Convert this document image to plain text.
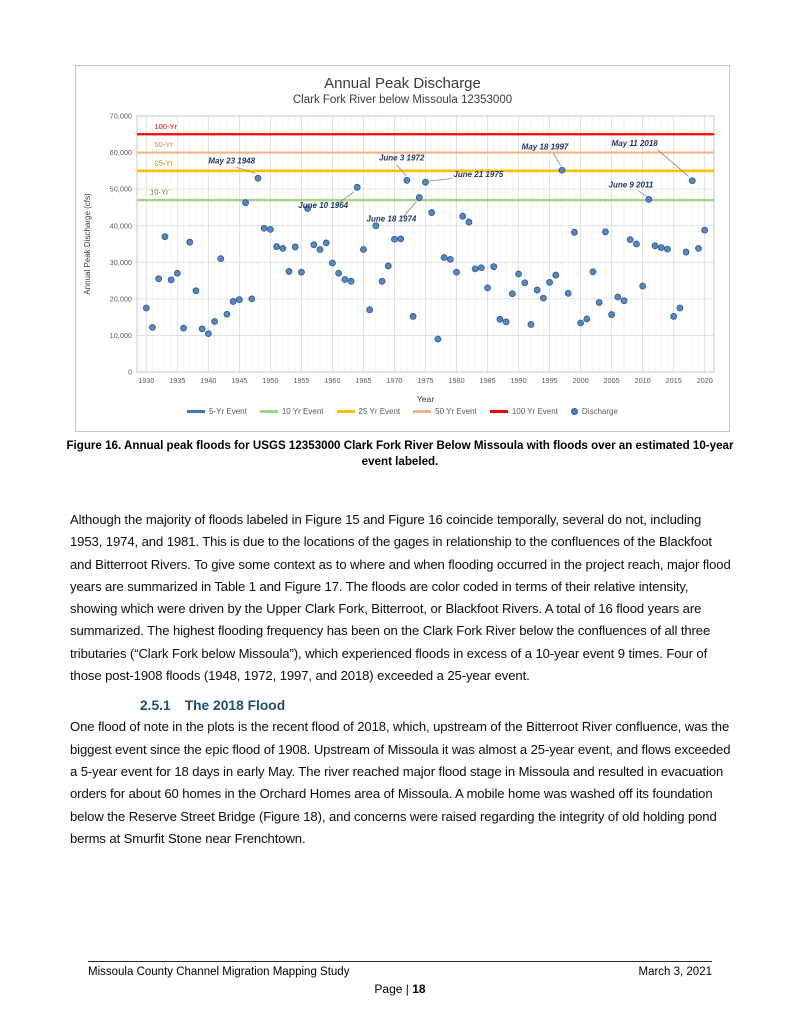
Annual Peak Discharge
Clark Fork River below Missoula 12353000
100-Yr
50-Yr
25-Yr
10-Yr
May 23 1948
June 10 1964
June 18 1974
June 3 1972
June 21 1975
May 18 1997
June 9 2011
May 11 2018
1930 1935 1940 1945 1950 1955 1960 1965 1970 1975 1980 1985 1990 1995 2000 2005 2010 2015 2020
0
10,000
20,000
30,000
40,000
50,000
60,000
70,000
Year
Annual Peak Discharge (cfs)
5-Yr Event	10 Yr Event	25 Yr Event	50 Yr Event	100 Yr Event	Discharge
Figure 16. Annual peak floods for USGS 12353000 Clark Fork River Below Missoula with floods over an estimated 10-year event labeled.

Although the majority of floods labeled in Figure 15 and Figure 16 coincide temporally, several do not, including 1953, 1974, and 1981. This is due to the locations of the gages in relationship to the confluences of the Blackfoot and Bitterroot Rivers. To give some context as to where and when flooding occurred in the project reach, major flood years are summarized in Table 1 and Figure 17. The floods are color coded in terms of their relative intensity, showing which were driven by the Upper Clark Fork, Bitterroot, or Blackfoot Rivers. A total of 16 flood years are summarized. The highest flooding frequency has been on the Clark Fork River below the confluences of all three tributaries (“Clark Fork below Missoula”), which experienced floods in excess of a 10-year event 9 times. Four of those post-1908 floods (1948, 1972, 1997, and 2018) exceeded a 25-year event.

2.5.1 The 2018 Flood

One flood of note in the plots is the recent flood of 2018, which, upstream of the Bitterroot River confluence, was the biggest event since the epic flood of 1908. Upstream of Missoula it was almost a 25-year event, and flows exceeded a 5-year event for 18 days in early May. The river reached major flood stage in Missoula and resulted in evacuation orders for about 60 homes in the Orchard Homes area of Missoula. A mobile home was washed off its foundation below the Reserve Street Bridge (Figure 18), and concerns were raised regarding the integrity of old holding pond berms at Smurfit Stone near Frenchtown.

Missoula County Channel Migration Mapping Study	March 3, 2021
Page | 18
